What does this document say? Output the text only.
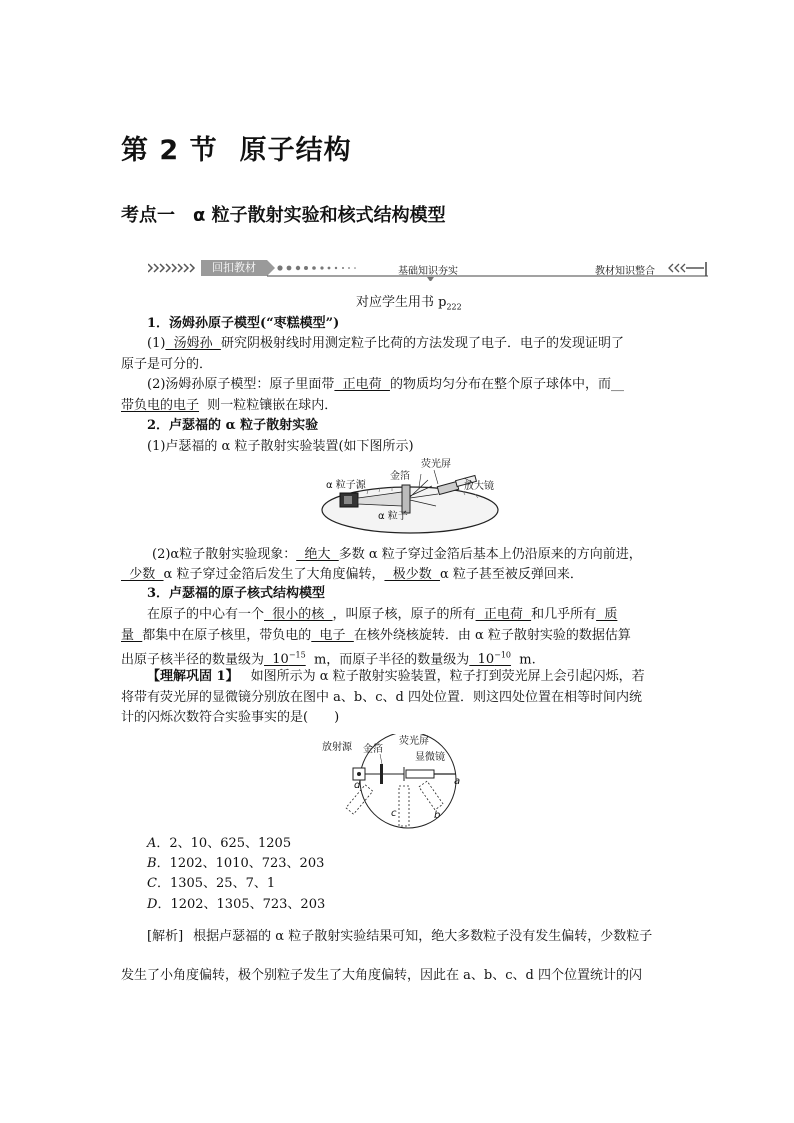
第 2 节 原子结构
考点一 α 粒子散射实验和核式结构模型
回扣教材	基础知识夯实	教材知识整合
对应学生用书 $p_{222}$
1．汤姆孙原子模型(“枣糕模型”)
(1)  汤姆孙  研究阴极射线时用测定粒子比荷的方法发现了电子．电子的发现证明了
原子是可分的．
(2)汤姆孙原子模型：原子里面带  正电荷  的物质均匀分布在整个原子球体中，而__
带负电的电子  则一粒粒镶嵌在球内．
2．卢瑟福的 α 粒子散射实验
(1)卢瑟福的 α 粒子散射实验装置(如下图所示)
α 粒子源
金箔
荧光屏
放大镜
α 粒子
(2)α粒子散射实验现象：  绝大  多数 α 粒子穿过金箔后基本上仍沿原来的方向前进，
少数  α 粒子穿过金箔后发生了大角度偏转，  极少数  α 粒子甚至被反弹回来．
3．卢瑟福的原子核式结构模型
在原子的中心有一个  很小的核  ，叫原子核，原子的所有  正电荷  和几乎所有  质
量  都集中在原子核里，带负电的  电子  在核外绕核旋转．由 α 粒子散射实验的数据估算
出原子核半径的数量级为  $10^{-15}$  m，而原子半径的数量级为  $10^{-10}$  m.
【理解巩固 1】 如图所示为 α 粒子散射实验装置，粒子打到荧光屏上会引起闪烁，若
将带有荧光屏的显微镜分别放在图中 a、b、c、d 四处位置．则这四处位置在相等时间内统
计的闪烁次数符合实验事实的是(　　)
放射源 金箔
荧光屏
显微镜
a
b
c
d
A．2、10、625、1205
B．1202、1010、723、203
C．1305、25、7、1
D．1202、1305、723、203
[解析] 根据卢瑟福的 α 粒子散射实验结果可知，绝大多数粒子没有发生偏转，少数粒子
发生了小角度偏转，极个别粒子发生了大角度偏转，因此在 a、b、c、d 四个位置统计的闪
